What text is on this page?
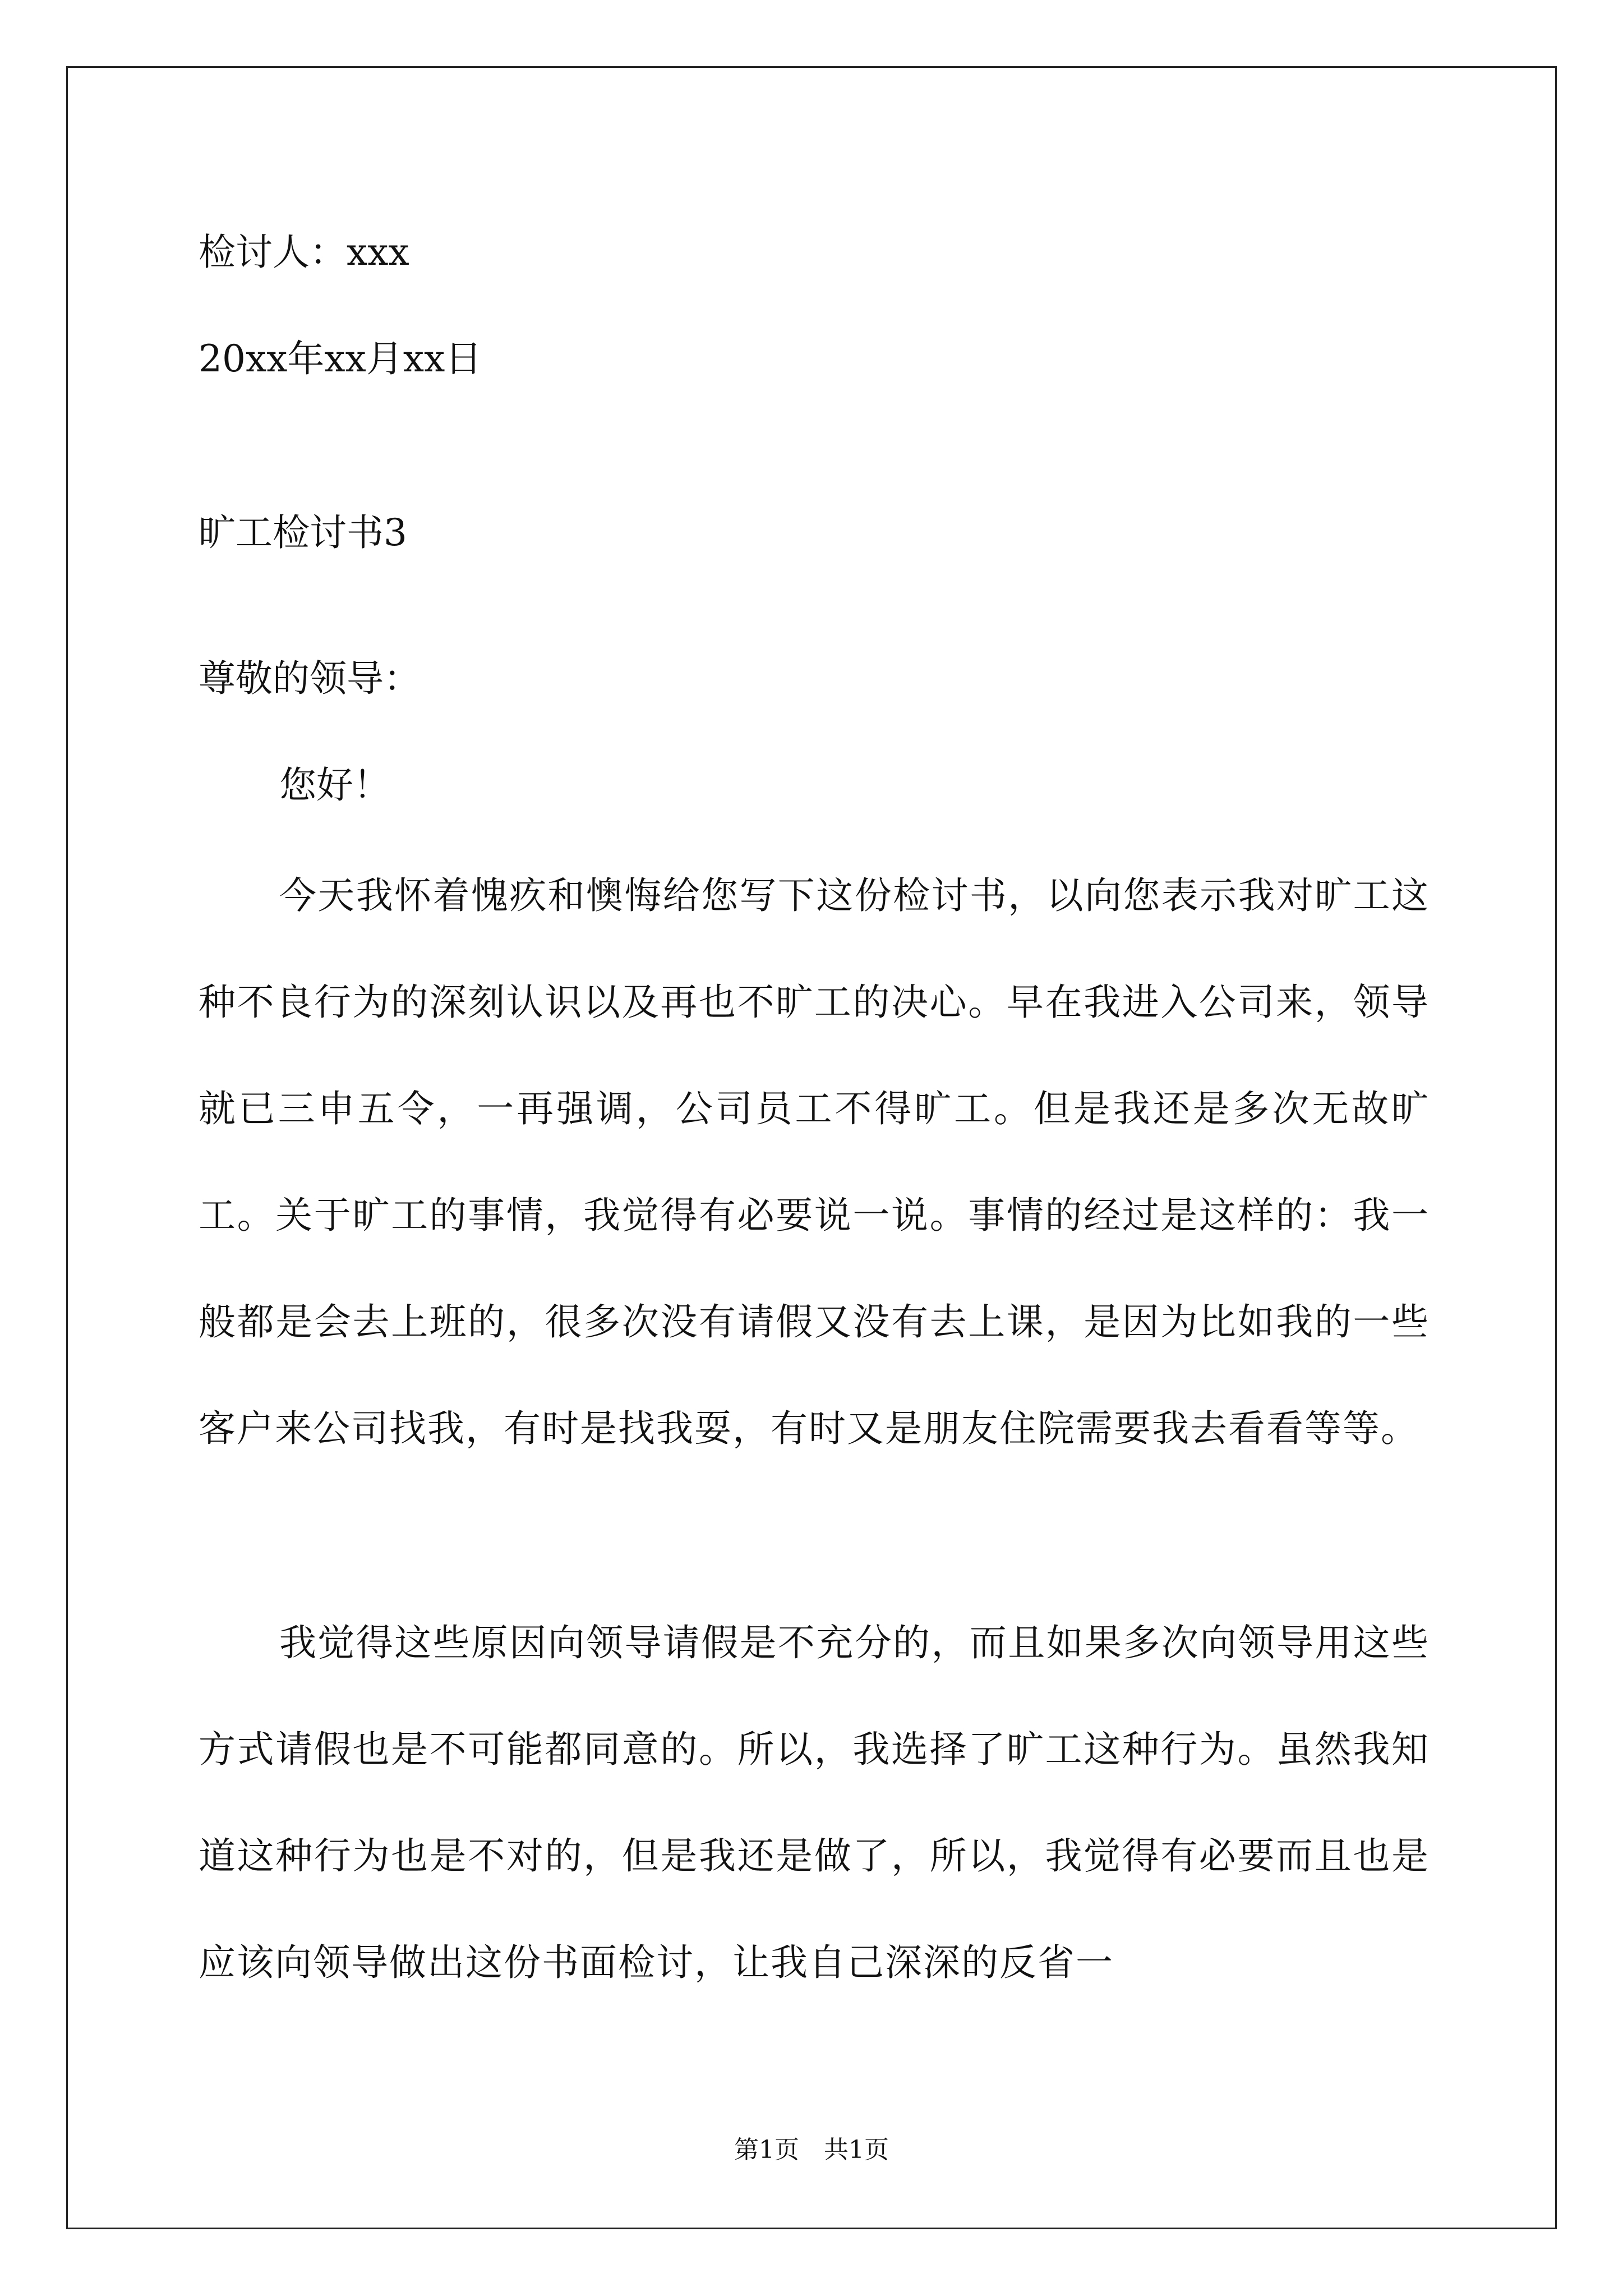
检讨人：xxx
20xx年xx月xx日
旷工检讨书3
尊敬的领导：
您好！
今天我怀着愧疚和懊悔给您写下这份检讨书，以向您表示我对旷工这种不良行为的深刻认识以及再也不旷工的决心。早在我进入公司来，领导就已三申五令，一再强调，公司员工不得旷工。但是我还是多次无故旷工。关于旷工的事情，我觉得有必要说一说。事情的经过是这样的：我一般都是会去上班的，很多次没有请假又没有去上课，是因为比如我的一些客户来公司找我，有时是找我耍，有时又是朋友住院需要我去看看等等。
我觉得这些原因向领导请假是不充分的，而且如果多次向领导用这些方式请假也是不可能都同意的。所以，我选择了旷工这种行为。虽然我知道这种行为也是不对的，但是我还是做了，所以，我觉得有必要而且也是应该向领导做出这份书面检讨，让我自己深深的反省一
第1页　共1页
